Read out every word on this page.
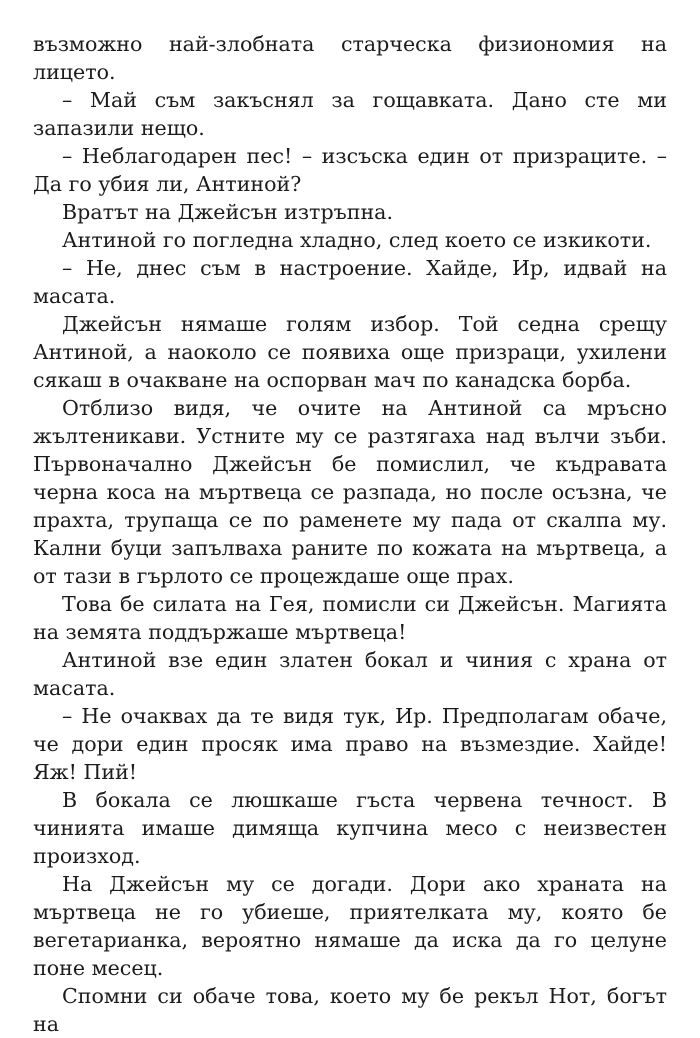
възможно най-злобната старческа физиономия на лицето.

– Май съм закъснял за гощавката. Дано сте ми запазили нещо.

– Неблагодарен пес! – изсъска един от призраците. – Да го убия ли, Антиной?

Вратът на Джейсън изтръпна.

Антиной го погледна хладно, след което се изкикоти.

– Не, днес съм в настроение. Хайде, Ир, идвай на масата.

Джейсън нямаше голям избор. Той седна срещу Антиной, а наоколо се появиха още призраци, ухилени сякаш в очакване на оспорван мач по канадска борба.

Отблизо видя, че очите на Антиной са мръсно жълтеникави. Устните му се разтягаха над вълчи зъби. Първоначално Джейсън бе помислил, че къдравата черна коса на мъртвеца се разпада, но после осъзна, че прахта, трупаща се по раменете му пада от скалпа му. Кални буци запълваха раните по кожата на мъртвеца, а от тази в гърлото се процеждаше още прах.

Това бе силата на Гея, помисли си Джейсън. Магията на земята поддържаше мъртвеца!

Антиной взе един златен бокал и чиния с храна от масата.

– Не очаквах да те видя тук, Ир. Предполагам обаче, че дори един просяк има право на възмездие. Хайде! Яж! Пий!

В бокала се люшкаше гъста червена течност. В чинията имаше димяща купчина месо с неизвестен произход.

На Джейсън му се догади. Дори ако храната на мъртвеца не го убиеше, приятелката му, която бе вегетарианка, вероятно нямаше да иска да го целуне поне месец.

Спомни си обаче това, което му бе рекъл Нот, богът на
